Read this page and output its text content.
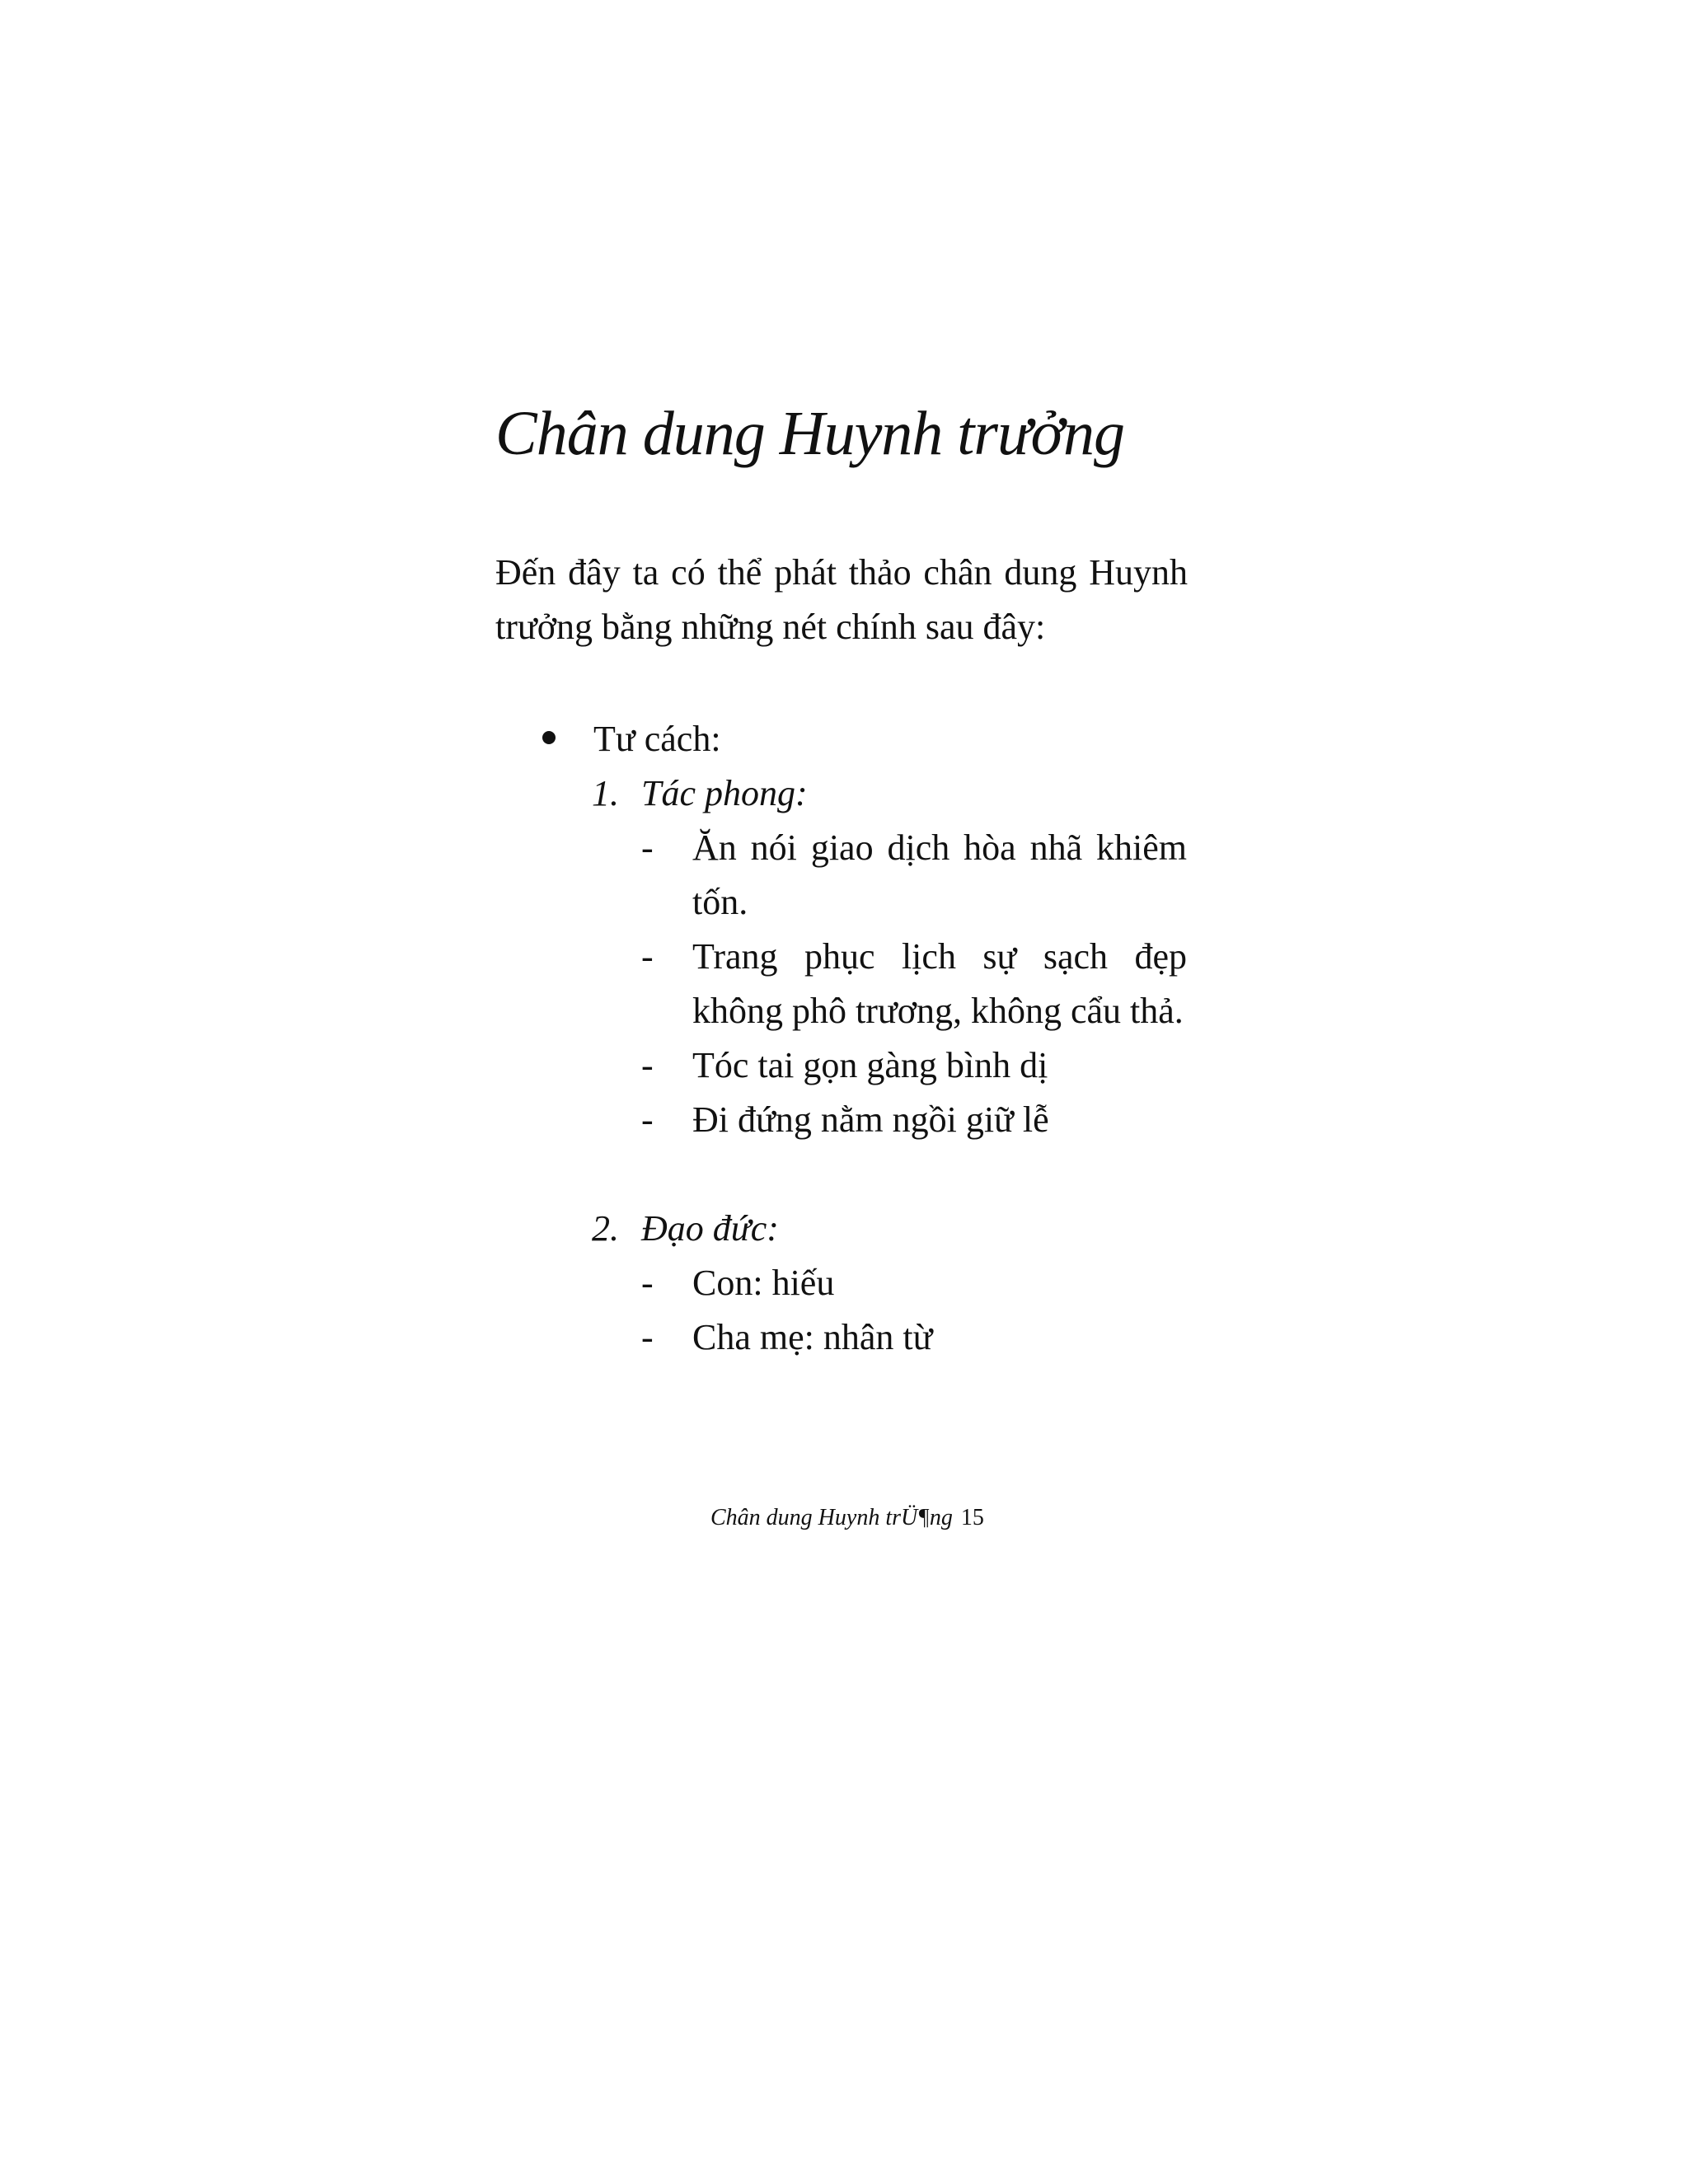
Chân dung Huynh trưởng
Đến đây ta có thể phát thảo chân dung Huynh trưởng bằng những nét chính sau đây:
Tư cách:
1. Tác phong:
- Ăn nói giao dịch hòa nhã khiêm tốn.
- Trang phục lịch sự sạch đẹp không phô trương, không cẩu thả.
- Tóc tai gọn gàng bình dị
- Đi đứng nằm ngồi giữ lễ
2. Đạo đức:
- Con: hiếu
- Cha mẹ: nhân từ
Chân dung Huynh trÜ¶ng 15
